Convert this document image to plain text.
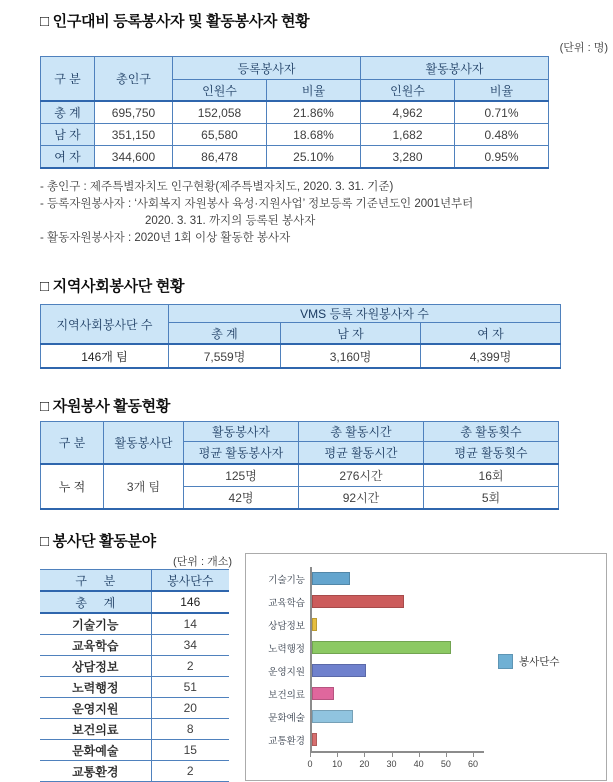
□ 인구대비 등록봉사자 및 활동봉사자 현황
(단위 : 명)
구 분	총인구	등록봉사자		활동봉사자	
		인원수	비율	인원수	비율
총 계	695,750	152,058	21.86%	4,962	0.71%
남 자	351,150	65,580	18.68%	1,682	0.48%
여 자	344,600	86,478	25.10%	3,280	0.95%
- 총인구 : 제주특별자치도 인구현황(제주특별자치도, 2020. 3. 31. 기준)
- 등록자원봉사자 : ‘사회복지 자원봉사 육성·지원사업’ 정보등록 기준년도인 2001년부터
2020. 3. 31. 까지의 등록된 봉사자
- 활동자원봉사자 : 2020년 1회 이상 활동한 봉사자
□ 지역사회봉사단 현황
지역사회봉사단 수	VMS 등록 자원봉사자 수		
	총 계	남 자	여 자
146개 팀	7,559명	3,160명	4,399명
□ 자원봉사 활동현황
구 분	활동봉사단	활동봉사자	총 활동시간	총 활동횟수
		평균 활동봉사자	평균 활동시간	평균 활동횟수
누 적	3개 팀	125명	276시간	16회
		42명	92시간	5회
□ 봉사단 활동분야
(단위 : 개소)
구     분	봉사단수
총     계	146
기술기능	14
교육학습	34
상담정보	2
노력행정	51
운영지원	20
보건의료	8
문화예술	15
교통환경	2
기술기능
교육학습
상담정보
노력행정
운영지원
보건의료
문화예술
교통환경
0 10 20 30 40 50 60
봉사단수
